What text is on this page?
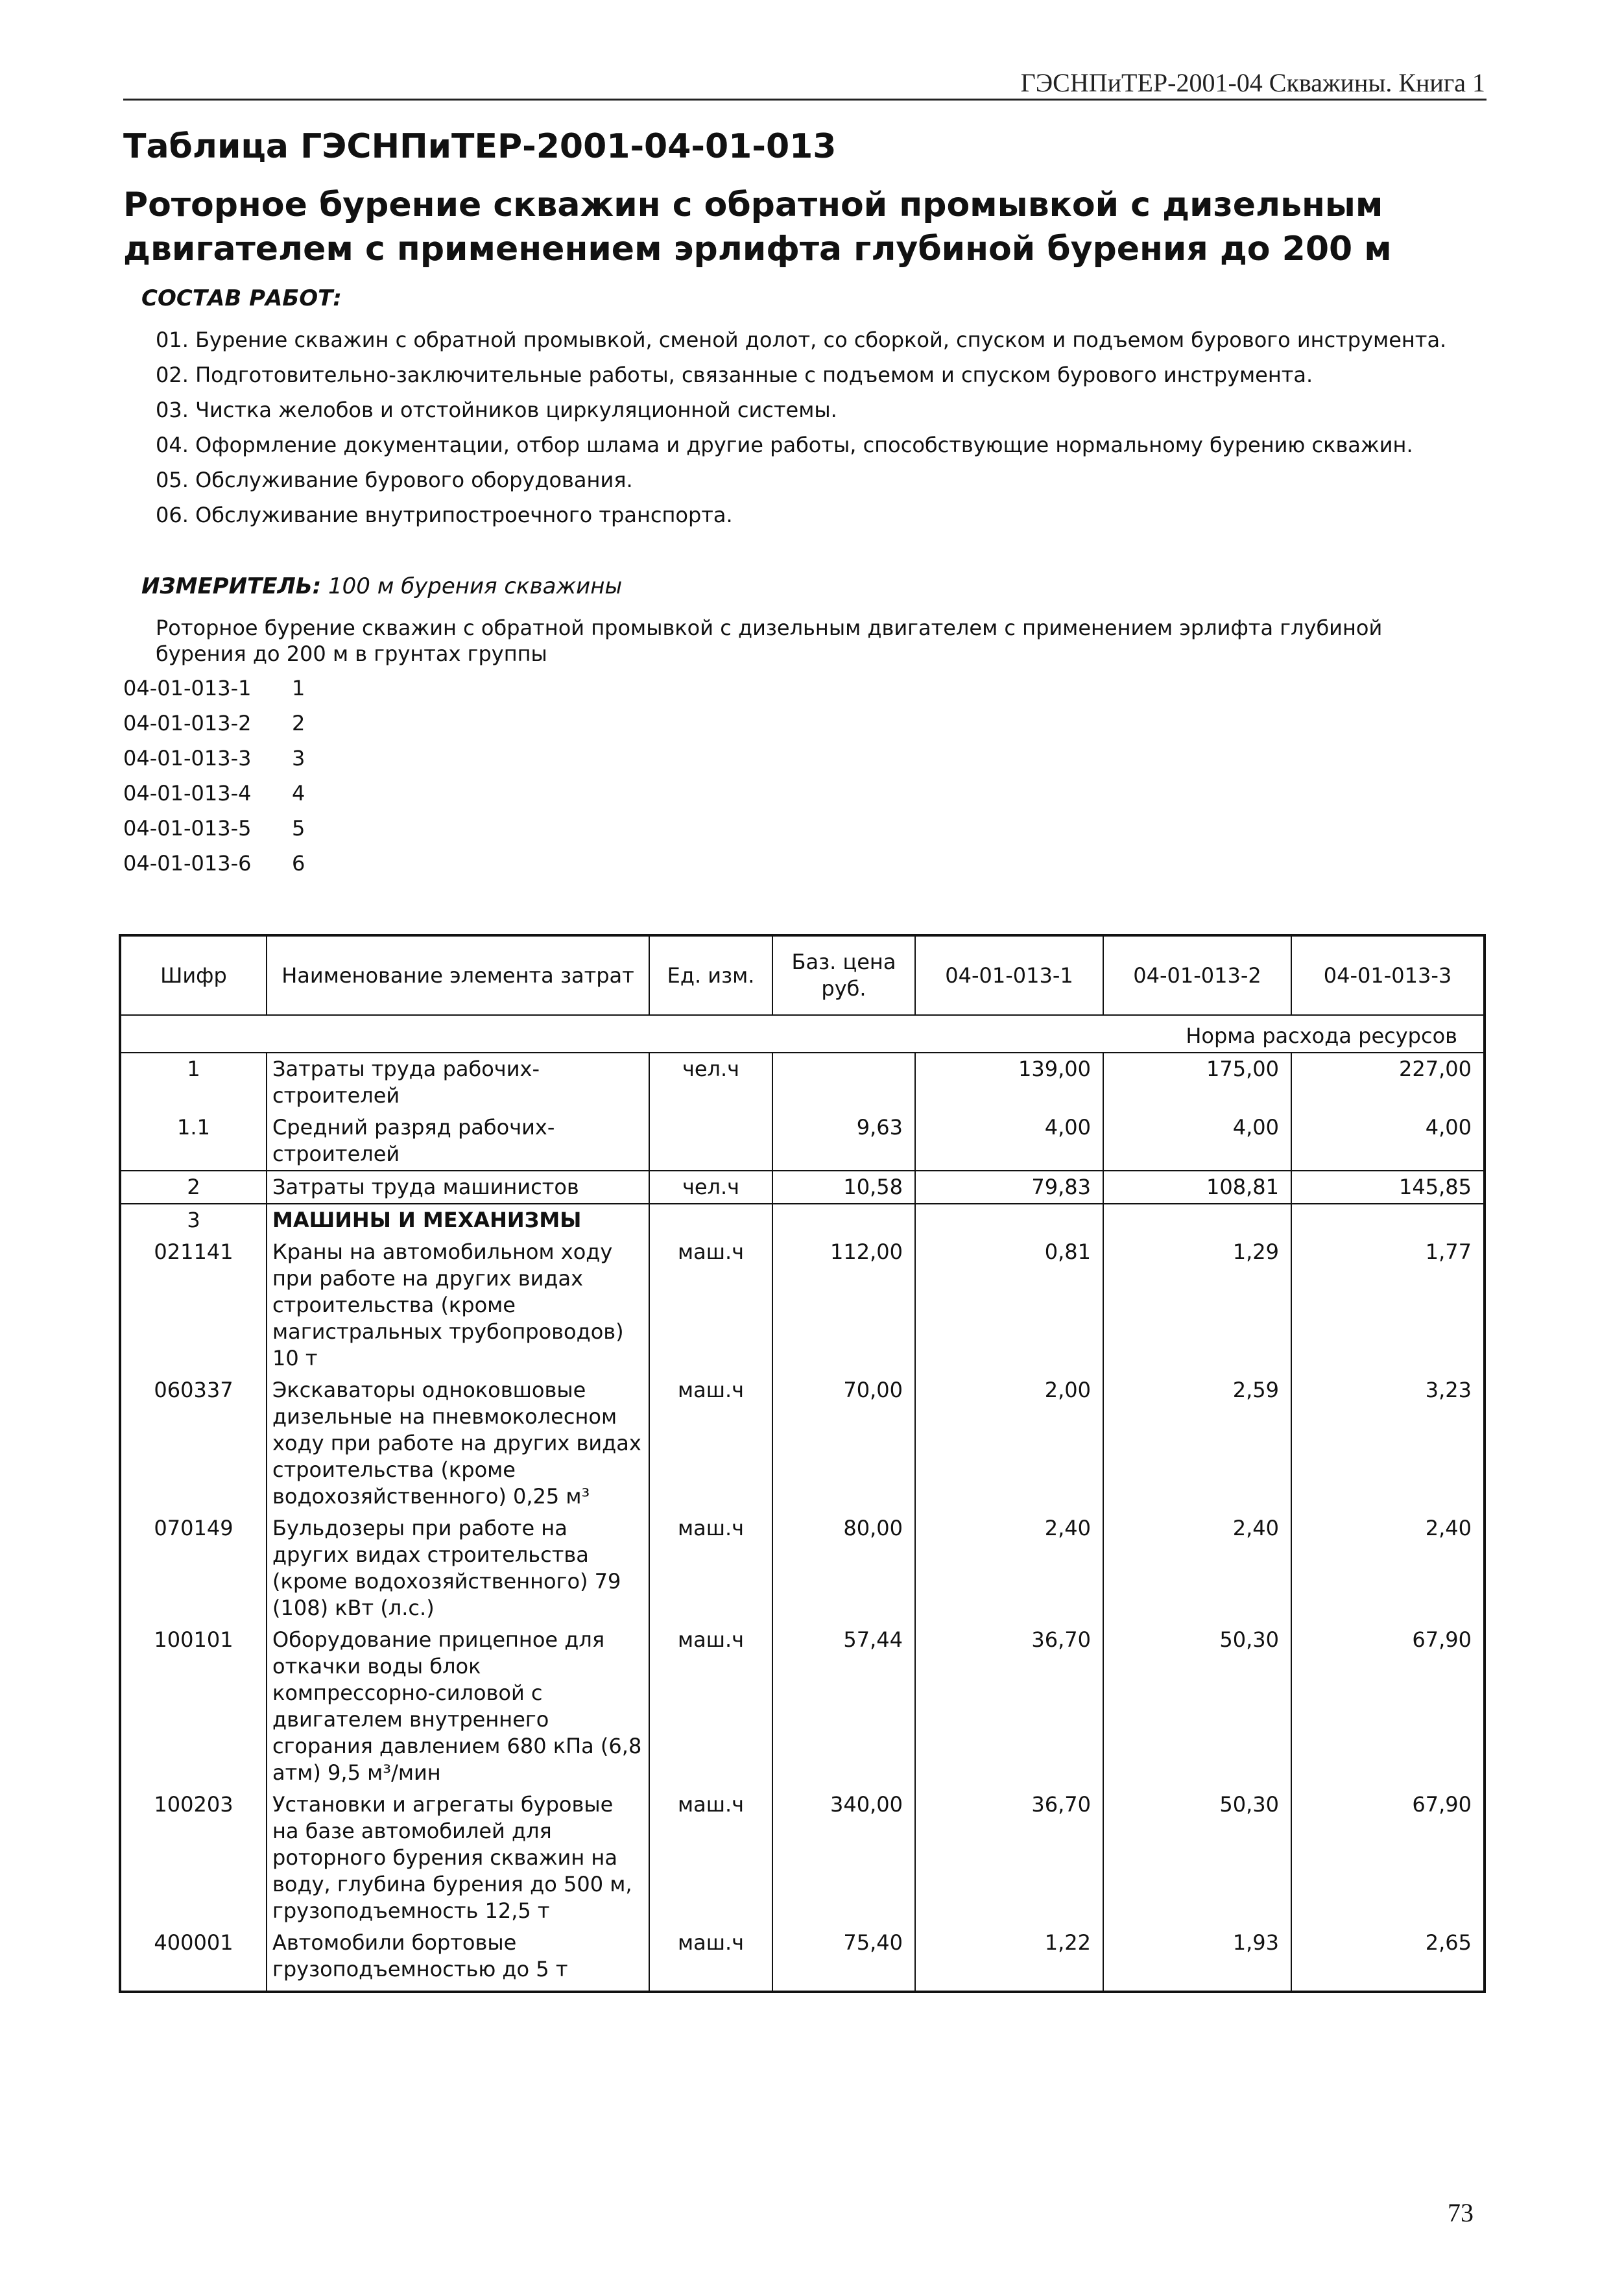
ГЭСНПиТЕР-2001-04 Скважины. Книга 1
Таблица ГЭСНПиТЕР-2001-04-01-013
Роторное бурение скважин с обратной промывкой с дизельным
двигателем с применением эрлифта глубиной бурения до 200 м
СОСТАВ РАБОТ:
01. Бурение скважин с обратной промывкой, сменой долот, со сборкой, спуском и подъемом бурового инструмента.
02. Подготовительно-заключительные работы, связанные с подъемом и спуском бурового инструмента.
03. Чистка желобов и отстойников циркуляционной системы.
04. Оформление документации, отбор шлама и другие работы, способствующие нормальному бурению скважин.
05. Обслуживание бурового оборудования.
06. Обслуживание внутрипостроечного транспорта.
ИЗМЕРИТЕЛЬ: 100 м бурения скважины
Роторное бурение скважин с обратной промывкой с дизельным двигателем с применением эрлифта глубиной бурения до 200 м в грунтах группы
04-01-013-1	1
04-01-013-2	2
04-01-013-3	3
04-01-013-4	4
04-01-013-5	5
04-01-013-6	6
Шифр	Наименование элемента затрат	Ед. изм.	Баз. цена руб.	04-01-013-1	04-01-013-2	04-01-013-3
Норма расхода ресурсов						
1	Затраты труда рабочих-строителей	чел.ч		139,00	175,00	227,00
1.1	Средний разряд рабочих-строителей		9,63	4,00	4,00	4,00
2	Затраты труда машинистов	чел.ч	10,58	79,83	108,81	145,85
3	МАШИНЫ И МЕХАНИЗМЫ					
021141	Краны на автомобильном ходу при работе на других видах строительства (кроме магистральных трубопроводов) 10 т	маш.ч	112,00	0,81	1,29	1,77
060337	Экскаваторы одноковшовые дизельные на пневмоколесном ходу при работе на других видах строительства (кроме водохозяйственного) 0,25 м³	маш.ч	70,00	2,00	2,59	3,23
070149	Бульдозеры при работе на других видах строительства (кроме водохозяйственного) 79 (108) кВт (л.с.)	маш.ч	80,00	2,40	2,40	2,40
100101	Оборудование прицепное для откачки воды блок компрессорно-силовой с двигателем внутреннего сгорания давлением 680 кПа (6,8 атм) 9,5 м³/мин	маш.ч	57,44	36,70	50,30	67,90
100203	Установки и агрегаты буровые на базе автомобилей для роторного бурения скважин на воду, глубина бурения до 500 м, грузоподъемность 12,5 т	маш.ч	340,00	36,70	50,30	67,90
400001	Автомобили бортовые грузоподъемностью до 5 т	маш.ч	75,40	1,22	1,93	2,65
73
